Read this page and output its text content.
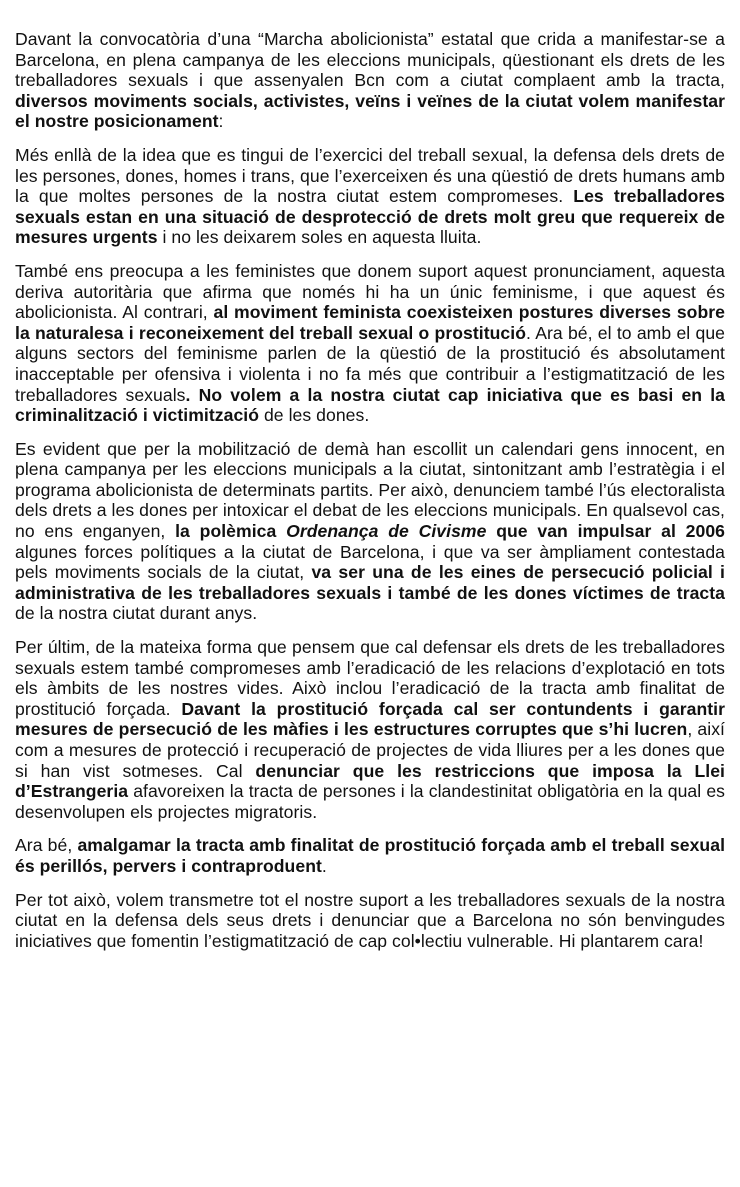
Davant la convocatòria d’una “Marcha abolicionista” estatal que crida a manifestar-se a Barcelona, en plena campanya de les eleccions municipals, qüestionant els drets de les treballadores sexuals i que assenyalen Bcn com a ciutat complaent amb la tracta, diversos moviments socials, activistes, veïns i veïnes de la ciutat volem manifestar el nostre posicionament:

Més enllà de la idea que es tingui de l’exercici del treball sexual, la defensa dels drets de les persones, dones, homes i trans, que l’exerceixen és una qüestió de drets humans amb la que moltes persones de la nostra ciutat estem compromeses. Les treballadores sexuals estan en una situació de desprotecció de drets molt greu que requereix de mesures urgents i no les deixarem soles en aquesta lluita.

També ens preocupa a les feministes que donem suport aquest pronunciament, aquesta deriva autoritària que afirma que només hi ha un únic feminisme, i que aquest és abolicionista. Al contrari, al moviment feminista coexisteixen postures diverses sobre la naturalesa i reconeixement del treball sexual o prostitució. Ara bé, el to amb el que alguns sectors del feminisme parlen de la qüestió de la prostitució és absolutament inacceptable per ofensiva i violenta i no fa més que contribuir a l’estigmatització de les treballadores sexuals. No volem a la nostra ciutat cap iniciativa que es basi en la criminalització i victimització de les dones.

Es evident que per la mobilització de demà han escollit un calendari gens innocent, en plena campanya per les eleccions municipals a la ciutat, sintonitzant amb l’estratègia i el programa abolicionista de determinats partits. Per això, denunciem també l’ús electoralista dels drets a les dones per intoxicar el debat de les eleccions municipals. En qualsevol cas, no ens enganyen, la polèmica Ordenança de Civisme que van impulsar al 2006 algunes forces polítiques a la ciutat de Barcelona, i que va ser àmpliament contestada pels moviments socials de la ciutat, va ser una de les eines de persecució policial i administrativa de les treballadores sexuals i també de les dones víctimes de tracta de la nostra ciutat durant anys.

Per últim, de la mateixa forma que pensem que cal defensar els drets de les treballadores sexuals estem també compromeses amb l’eradicació de les relacions d’explotació en tots els àmbits de les nostres vides. Això inclou l’eradicació de la tracta amb finalitat de prostitució forçada. Davant la prostitució forçada cal ser contundents i garantir mesures de persecució de les màfies i les estructures corruptes que s’hi lucren, així com a mesures de protecció i recuperació de projectes de vida lliures per a les dones que si han vist sotmeses. Cal denunciar que les restriccions que imposa la Llei d’Estrangeria afavoreixen la tracta de persones i la clandestinitat obligatòria en la qual es desenvolupen els projectes migratoris.

Ara bé, amalgamar la tracta amb finalitat de prostitució forçada amb el treball sexual és perillós, pervers i contraproduent.

Per tot això, volem transmetre tot el nostre suport a les treballadores sexuals de la nostra ciutat en la defensa dels seus drets i denunciar que a Barcelona no són benvingudes iniciatives que fomentin l’estigmatització de cap col•lectiu vulnerable. Hi plantarem cara!
